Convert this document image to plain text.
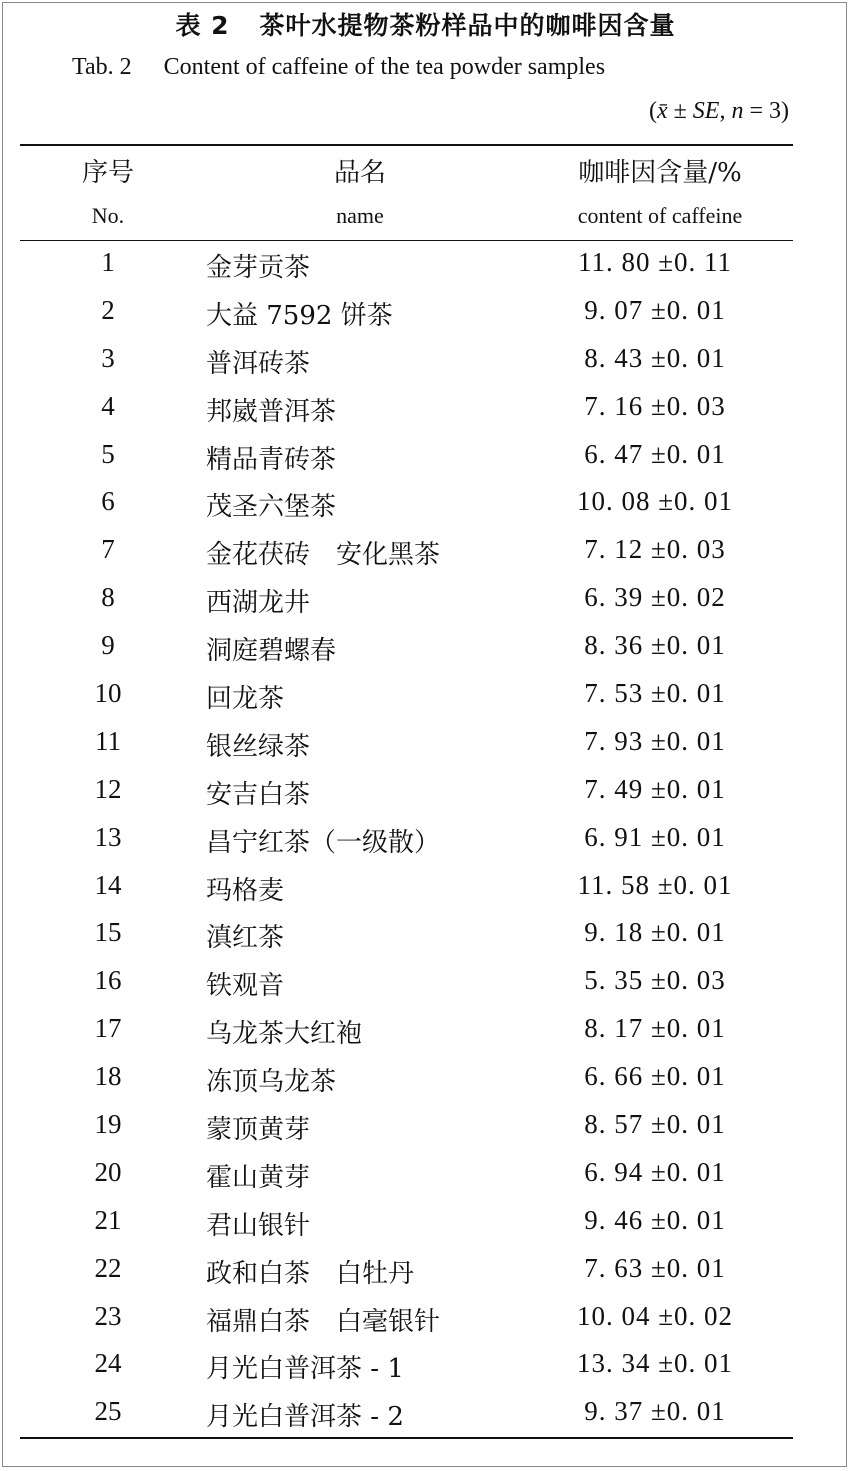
表 2 茶叶水提物茶粉样品中的咖啡因含量
Tab. 2 Content of caffeine of the tea powder samples
(x̄ ± SE, n = 3)
序号	品名	咖啡因含量/%
No.	name	content of caffeine
1	金芽贡茶	11. 80 ±0. 11
2	大益 7592 饼茶	9. 07 ±0. 01
3	普洱砖茶	8. 43 ±0. 01
4	邦崴普洱茶	7. 16 ±0. 03
5	精品青砖茶	6. 47 ±0. 01
6	茂圣六堡茶	10. 08 ±0. 01
7	金花茯砖　安化黑茶	7. 12 ±0. 03
8	西湖龙井	6. 39 ±0. 02
9	洞庭碧螺春	8. 36 ±0. 01
10	回龙茶	7. 53 ±0. 01
11	银丝绿茶	7. 93 ±0. 01
12	安吉白茶	7. 49 ±0. 01
13	昌宁红茶（一级散）	6. 91 ±0. 01
14	玛格麦	11. 58 ±0. 01
15	滇红茶	9. 18 ±0. 01
16	铁观音	5. 35 ±0. 03
17	乌龙茶大红袍	8. 17 ±0. 01
18	冻顶乌龙茶	6. 66 ±0. 01
19	蒙顶黄芽	8. 57 ±0. 01
20	霍山黄芽	6. 94 ±0. 01
21	君山银针	9. 46 ±0. 01
22	政和白茶　白牡丹	7. 63 ±0. 01
23	福鼎白茶　白毫银针	10. 04 ±0. 02
24	月光白普洱茶 - 1	13. 34 ±0. 01
25	月光白普洱茶 - 2	9. 37 ±0. 01
